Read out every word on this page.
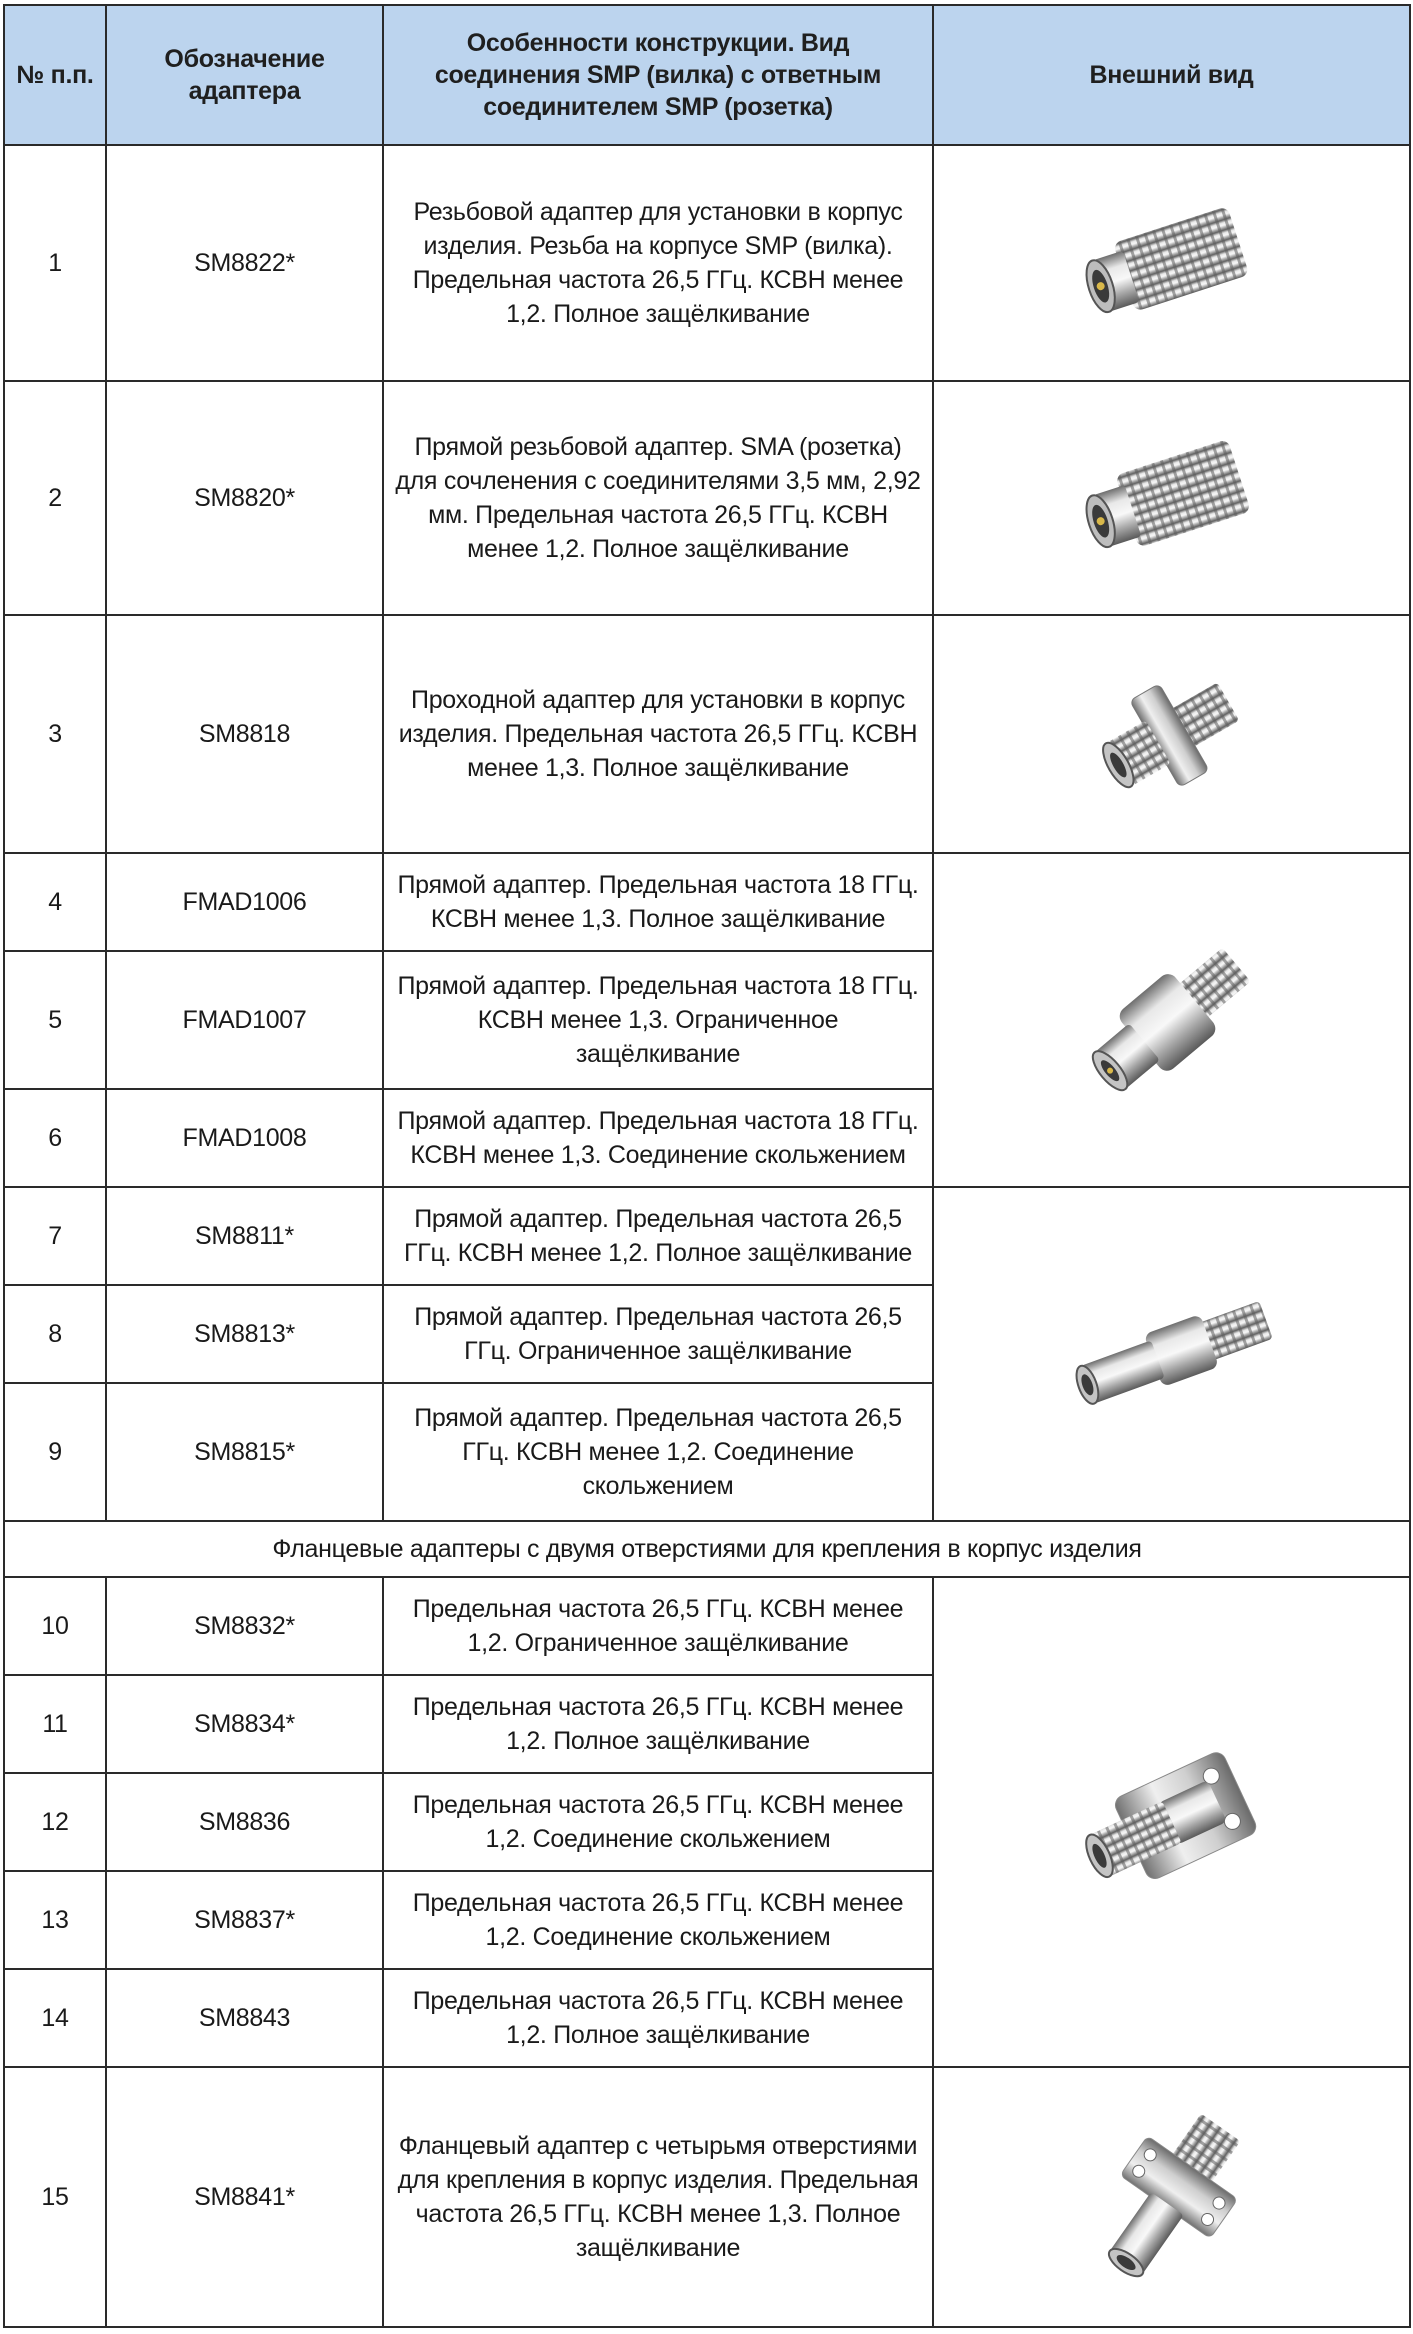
№ п.п.	Обозначение адаптера	Особенности конструкции. Вид соединения SMP (вилка) с ответным соединителем SMP (розетка)	Внешний вид
1	SM8822*	Резьбовой адаптер для установки в корпус изделия. Резьба на корпусе SMP (вилка). Предельная частота 26,5 ГГц. КСВН менее 1,2. Полное защёлкивание	

2	SM8820*	Прямой резьбовой адаптер. SMA (розетка) для сочленения с соединителями 3,5 мм, 2,92 мм. Предельная частота 26,5 ГГц. КСВН менее 1,2. Полное защёлкивание	

3	SM8818	Проходной адаптер для установки в корпус изделия. Предельная частота 26,5 ГГц. КСВН менее 1,3. Полное защёлкивание	

4	FMAD1006	Прямой адаптер. Предельная частота 18 ГГц. КСВН менее 1,3. Полное защёлкивание	

5	FMAD1007	Прямой адаптер. Предельная частота 18 ГГц. КСВН менее 1,3. Ограниченное защёлкивание	
6	FMAD1008	Прямой адаптер. Предельная частота 18 ГГц. КСВН менее 1,3. Соединение скольжением	
7	SM8811*	Прямой адаптер. Предельная частота 26,5 ГГц. КСВН менее 1,2. Полное защёлкивание	

8	SM8813*	Прямой адаптер. Предельная частота 26,5 ГГц. Ограниченное защёлкивание	
9	SM8815*	Прямой адаптер. Предельная частота 26,5 ГГц. КСВН менее 1,2. Соединение скольжением	
Фланцевые адаптеры с двумя отверстиями для крепления в корпус изделия			
10	SM8832*	Предельная частота 26,5 ГГц. КСВН менее 1,2. Ограниченное защёлкивание	

11	SM8834*	Предельная частота 26,5 ГГц. КСВН менее 1,2. Полное защёлкивание	
12	SM8836	Предельная частота 26,5 ГГц. КСВН менее 1,2. Соединение скольжением	
13	SM8837*	Предельная частота 26,5 ГГц. КСВН менее 1,2. Соединение скольжением	
14	SM8843	Предельная частота 26,5 ГГц. КСВН менее 1,2. Полное защёлкивание	
15	SM8841*	Фланцевый адаптер с четырьмя отверстиями для крепления в корпус изделия. Предельная частота 26,5 ГГц. КСВН менее 1,3. Полное защёлкивание	
